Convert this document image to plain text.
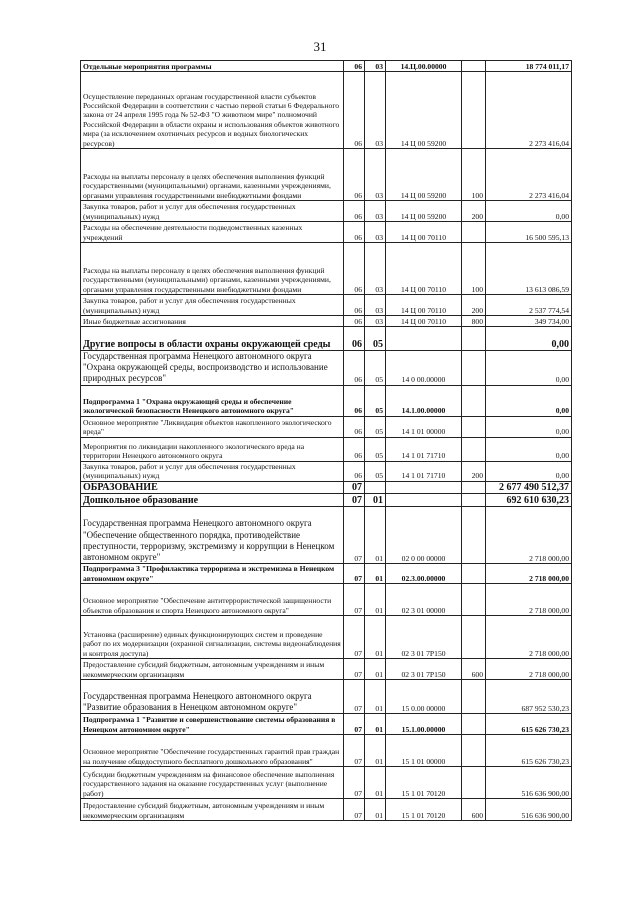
31
Отдельные мероприятия программы	06	03	14.Ц.00.00000		18 774 011,17
Осуществление переданных органам государственной власти субъектов Российской Федерации в соответствии с частью первой статьи 6 Федерального закона от 24 апреля 1995 года № 52-ФЗ "О животном мире" полномочий Российской Федерации в области охраны и использования объектов животного мира (за исключением охотничьих ресурсов и водных биологических ресурсов)	06	03	14 Ц 00 59200		2 273 416,04
Расходы на выплаты персоналу в целях обеспечения выполнения функций государственными (муниципальными) органами, казенными учреждениями, органами управления государственными внебюджетными фондами	06	03	14 Ц 00 59200	100	2 273 416,04
Закупка товаров, работ и услуг для обеспечения государственных (муниципальных) нужд	06	03	14 Ц 00 59200	200	0,00
Расходы на обеспечение деятельности подведомственных казенных учреждений	06	03	14 Ц 00 70110		16 500 595,13
Расходы на выплаты персоналу в целях обеспечения выполнения функций государственными (муниципальными) органами, казенными учреждениями, органами управления государственными внебюджетными фондами	06	03	14 Ц 00 70110	100	13 613 086,59
Закупка товаров, работ и услуг для обеспечения государственных (муниципальных) нужд	06	03	14 Ц 00 70110	200	2 537 774,54
Иные бюджетные ассигнования	06	03	14 Ц 00 70110	800	349 734,00
Другие вопросы в области охраны окружающей среды	06	05			0,00
Государственная программа Ненецкого автономного округа "Охрана окружающей среды, воспроизводство и использование природных ресурсов"	06	05	14 0 00.00000		0,00
Подпрограмма 1 "Охрана окружающей среды и обеспечение экологической безопасности Ненецкого автономного округа"	06	05	14.1.00.00000		0,00
Основное мероприятие "Ликвидация объектов накопленного экологического вреда"	06	05	14 1 01 00000		0,00
Мероприятия по ликвидации накопленного экологического вреда на территории Ненецкого автономного округа	06	05	14 1 01 71710		0,00
Закупка товаров, работ и услуг для обеспечения государственных (муниципальных) нужд	06	05	14 1 01 71710	200	0,00
ОБРАЗОВАНИЕ	07				2 677 490 512,37
Дошкольное образование	07	01			692 610 630,23
Государственная программа Ненецкого автономного округа "Обеспечение общественного порядка, противодействие преступности, терроризму, экстремизму и коррупции в Ненецком автономном округе"	07	01	02 0 00 00000		2 718 000,00
Подпрограмма 3 "Профилактика терроризма и экстремизма в Ненецком автономном округе"	07	01	02.3.00.00000		2 718 000,00
Основное мероприятие "Обеспечение антитеррористической защищенности объектов образования и спорта Ненецкого автономного округа"	07	01	02 3 01 00000		2 718 000,00
Установка (расширение) единых функционирующих систем и проведение работ по их модернизации (охранной сигнализации, системы видеонаблюдения и контроля доступа)	07	01	02 3 01 7Р150		2 718 000,00
Предоставление субсидий бюджетным, автономным учреждениям и иным некоммерческим организациям	07	01	02 3 01 7Р150	600	2 718 000,00
Государственная программа Ненецкого автономного округа "Развитие образования в Ненецком автономном округе"	07	01	15 0.00 00000		687 952 530,23
Подпрограмма 1 "Развитие и совершенствование системы образования в Ненецком автономном округе"	07	01	15.1.00.00000		615 626 730,23
Основное мероприятие "Обеспечение государственных гарантий прав граждан на получение общедоступного бесплатного дошкольного образования"	07	01	15 1 01 00000		615 626 730,23
Субсидии бюджетным учреждениям на финансовое обеспечение выполнения государственного задания на оказание государственных услуг (выполнение работ)	07	01	15 1 01 70120		516 636 900,00
Предоставление субсидий бюджетным, автономным учреждениям и иным некоммерческим организациям	07	01	15 1 01 70120	600	516 636 900,00
